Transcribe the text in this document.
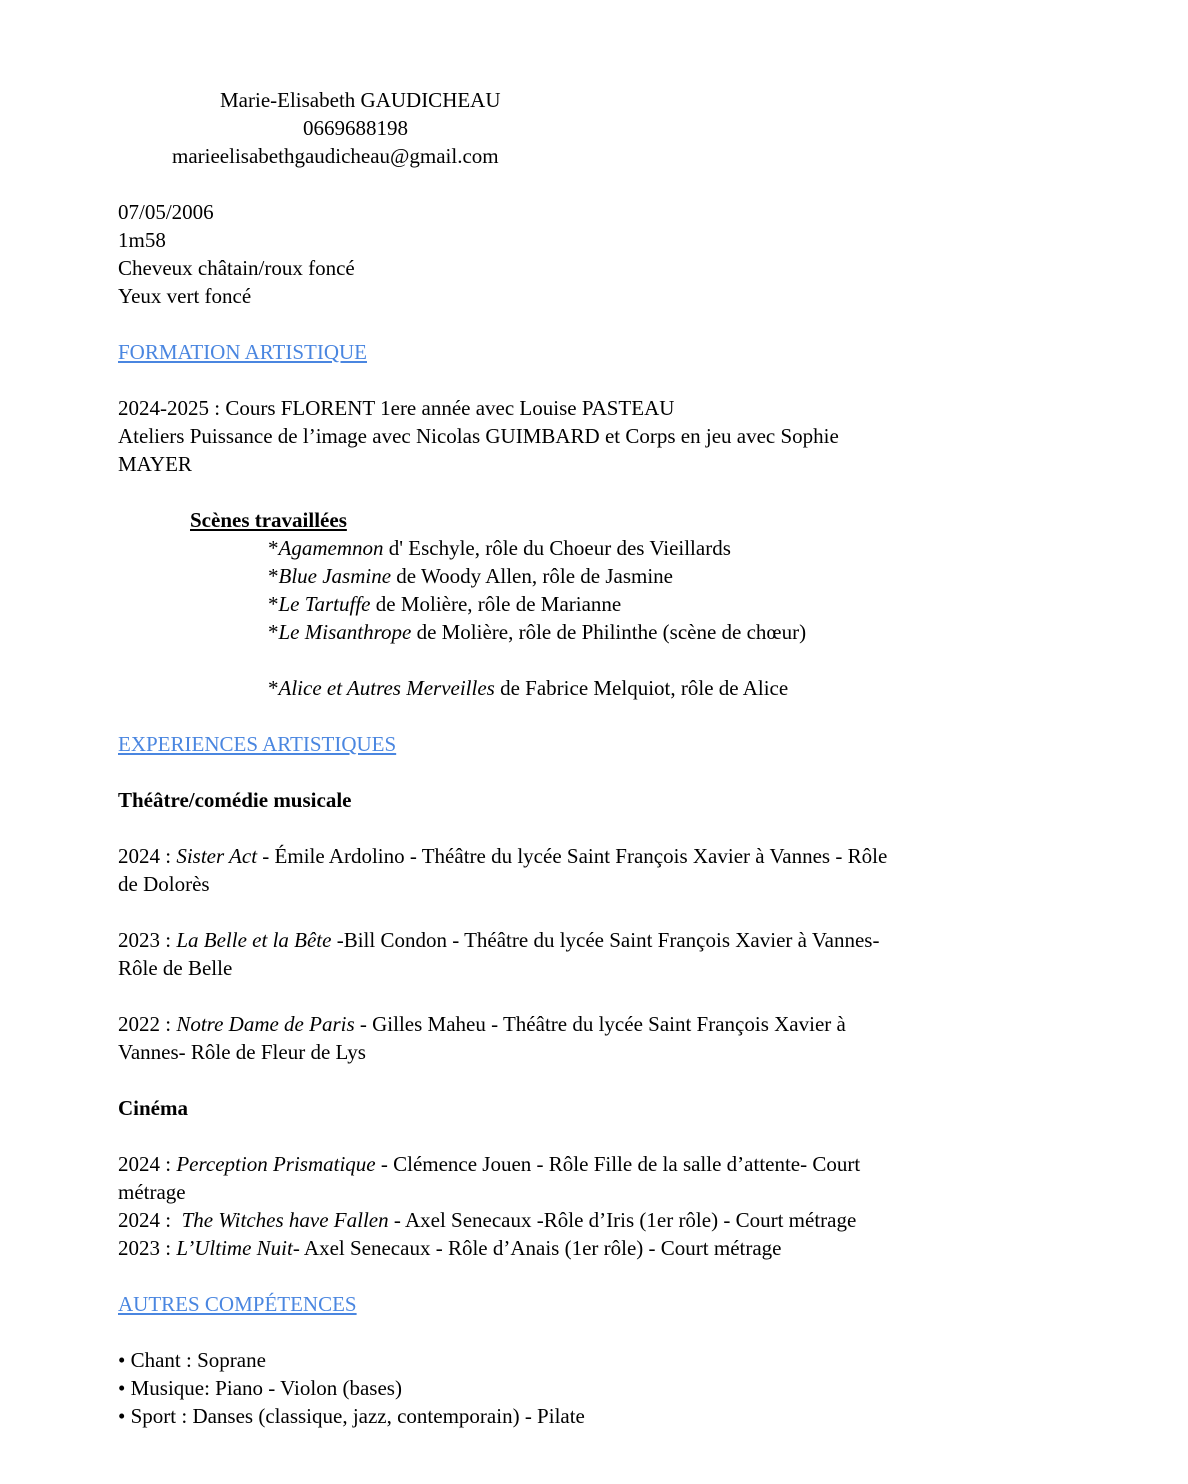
Marie-Elisabeth GAUDICHEAU
0669688198
marieelisabethgaudicheau@gmail.com
07/05/2006
1m58
Cheveux châtain/roux foncé
Yeux vert foncé
FORMATION ARTISTIQUE
2024-2025 : Cours FLORENT 1ere année avec Louise PASTEAU
Ateliers Puissance de l’image avec Nicolas GUIMBARD et Corps en jeu avec Sophie
MAYER
Scènes travaillées
*Agamemnon d' Eschyle, rôle du Choeur des Vieillards
*Blue Jasmine de Woody Allen, rôle de Jasmine
*Le Tartuffe de Molière, rôle de Marianne
*Le Misanthrope de Molière, rôle de Philinthe (scène de chœur)
*Alice et Autres Merveilles de Fabrice Melquiot, rôle de Alice
EXPERIENCES ARTISTIQUES
Théâtre/comédie musicale
2024 : Sister Act - Émile Ardolino - Théâtre du lycée Saint François Xavier à Vannes - Rôle
de Dolorès
2023 : La Belle et la Bête -Bill Condon - Théâtre du lycée Saint François Xavier à Vannes-
Rôle de Belle
2022 : Notre Dame de Paris - Gilles Maheu - Théâtre du lycée Saint François Xavier à
Vannes- Rôle de Fleur de Lys
Cinéma
2024 : Perception Prismatique - Clémence Jouen - Rôle Fille de la salle d’attente- Court
métrage
2024 :  The Witches have Fallen - Axel Senecaux -Rôle d’Iris (1er rôle) - Court métrage
2023 : L’Ultime Nuit- Axel Senecaux - Rôle d’Anais (1er rôle) - Court métrage
AUTRES COMPÉTENCES
• Chant : Soprane
• Musique: Piano - Violon (bases)
• Sport : Danses (classique, jazz, contemporain) - Pilate
